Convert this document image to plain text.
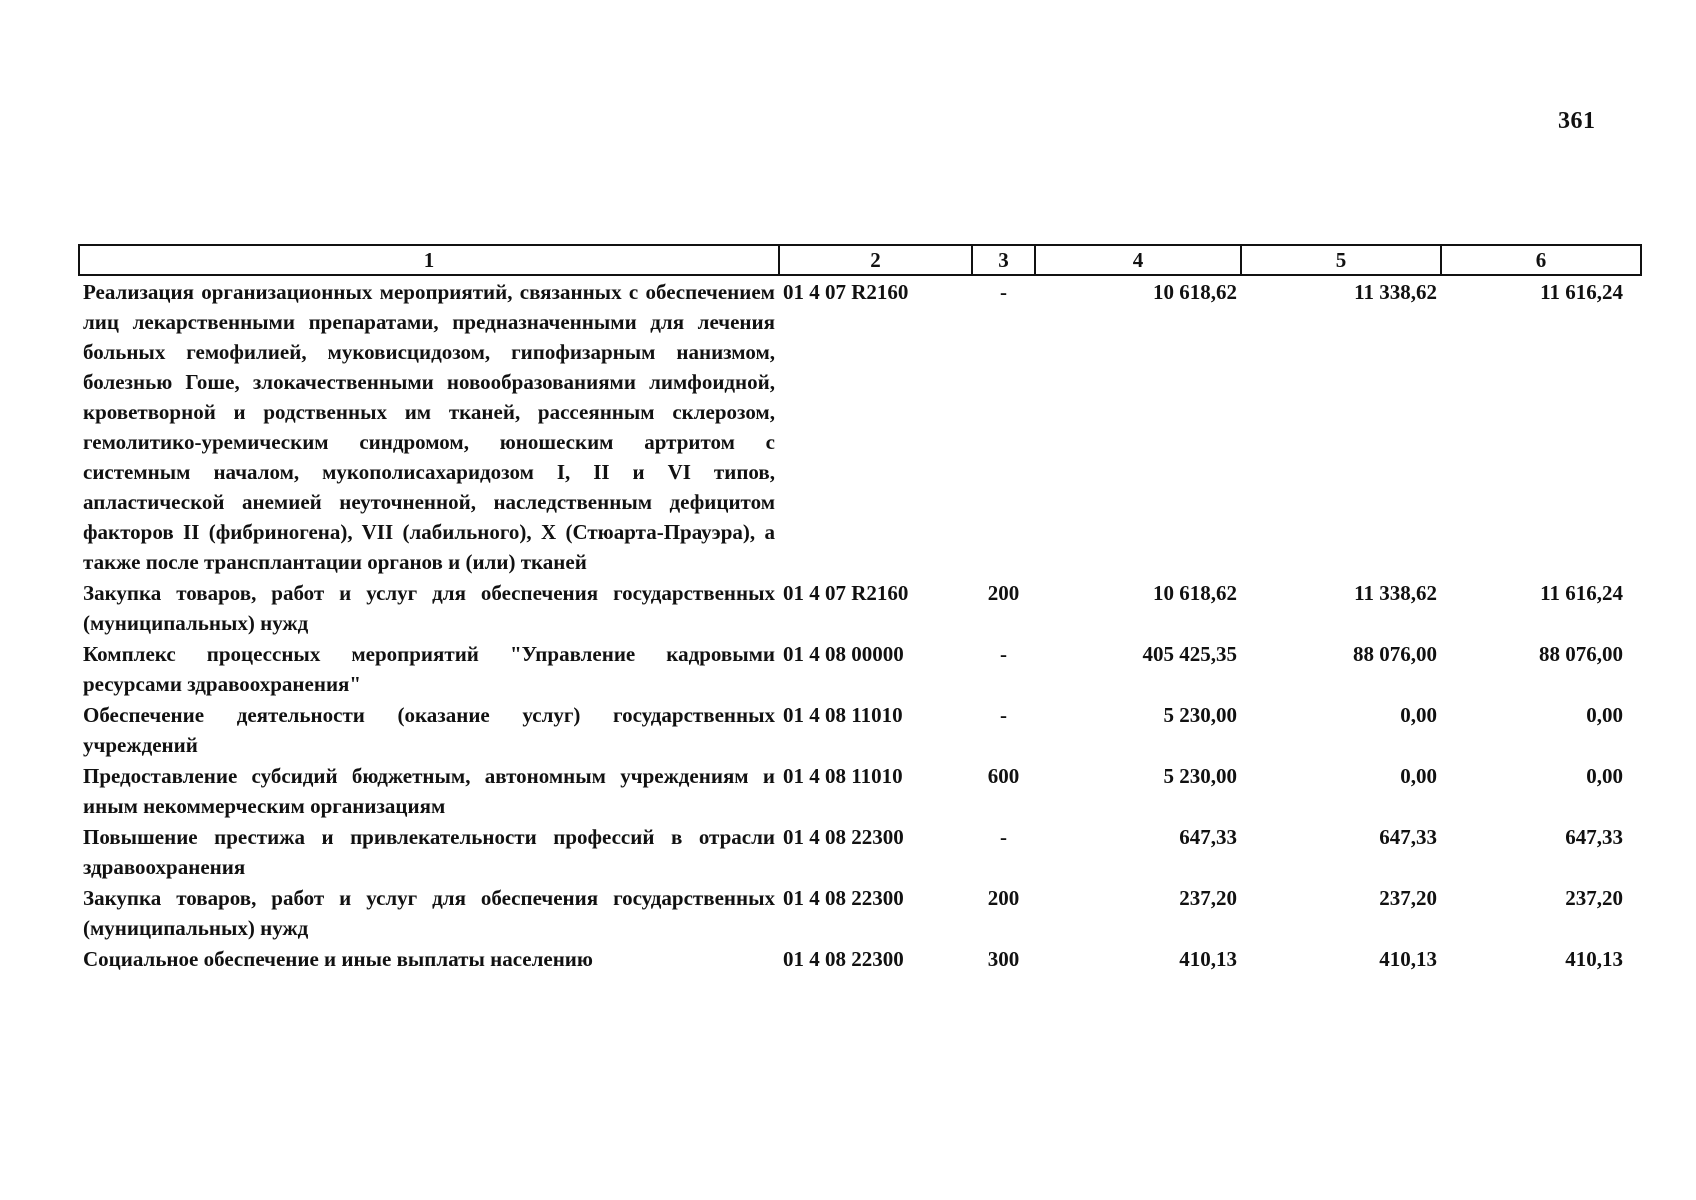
361
1	2	3	4	5	6
Реализация организационных мероприятий, связанных с обеспечением лиц лекарственными препаратами, предназначенными для лечения больных гемофилией, муковисцидозом, гипофизарным нанизмом, болезнью Гоше, злокачественными новообразованиями лимфоидной, кроветворной и родственных им тканей, рассеянным склерозом, гемолитико-уремическим синдромом, юношеским артритом с системным началом, мукополисахаридозом I, II и VI типов, апластической анемией неуточненной, наследственным дефицитом факторов II (фибриногена), VII (лабильного), X (Стюарта-Прауэра), а также после трансплантации органов и (или) тканей	01 4 07 R2160	-	10 618,62	11 338,62	11 616,24
Закупка товаров, работ и услуг для обеспечения государственных (муниципальных) нужд	01 4 07 R2160	200	10 618,62	11 338,62	11 616,24
Комплекс процессных мероприятий "Управление кадровыми ресурсами здравоохранения"	01 4 08 00000	-	405 425,35	88 076,00	88 076,00
Обеспечение деятельности (оказание услуг) государственных учреждений	01 4 08 11010	-	5 230,00	0,00	0,00
Предоставление субсидий бюджетным, автономным учреждениям и иным некоммерческим организациям	01 4 08 11010	600	5 230,00	0,00	0,00
Повышение престижа и привлекательности профессий в отрасли здравоохранения	01 4 08 22300	-	647,33	647,33	647,33
Закупка товаров, работ и услуг для обеспечения государственных (муниципальных) нужд	01 4 08 22300	200	237,20	237,20	237,20
Социальное обеспечение и иные выплаты населению	01 4 08 22300	300	410,13	410,13	410,13
